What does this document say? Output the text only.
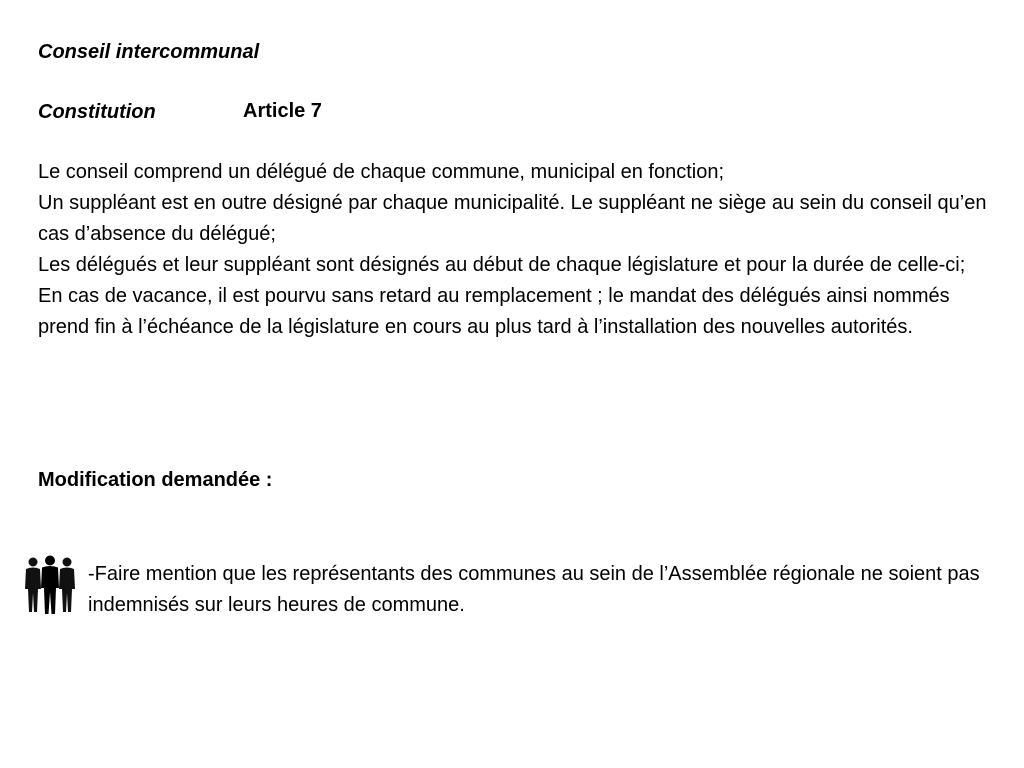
Conseil intercommunal
Constitution	Article 7

Le conseil comprend un délégué de chaque commune, municipal en fonction;

Un suppléant est en outre désigné par chaque municipalité. Le suppléant ne siège au sein du conseil qu’en cas d’absence du délégué;

Les délégués et leur suppléant sont désignés au début de chaque législature et pour la durée de celle-ci;

En cas de vacance, il est pourvu sans retard au remplacement ; le mandat des délégués ainsi nommés prend fin à l’échéance de la législature en cours au plus tard à l’installation des nouvelles autorités.

Modification demandée :
-Faire mention que les représentants des communes au sein de l’Assemblée régionale ne soient pas indemnisés sur leurs heures de commune.
